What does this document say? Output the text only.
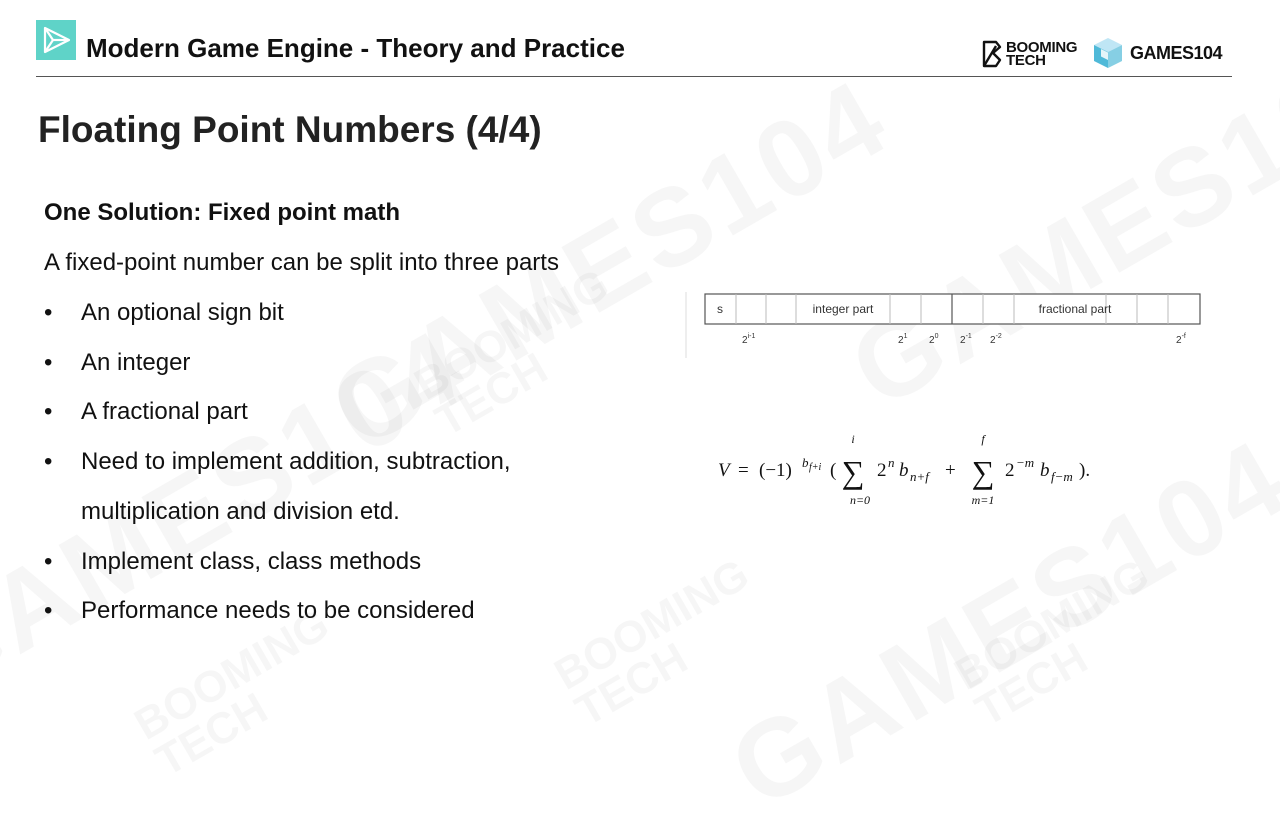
Modern Game Engine - Theory and Practice	BOOMING
TECH	GAMES104
Floating Point Numbers (4/4)
One Solution: Fixed point math
A fixed-point number can be split into three parts
• An optional sign bit
• An integer
• A fractional part
• Need to implement addition, subtraction, multiplication and division etd.
• Implement class, class methods
• Performance needs to be considered
s	integer part	fractional part
2$^{i-1}$	$2^1$ $2^0$ $2^{-1}$ $2^{-2}$	$2^{-f}$
V = (−1) b f+i (
i
∑
n=0
2 n b n+f +
f
∑
m=1
2 −m b f−m ).
